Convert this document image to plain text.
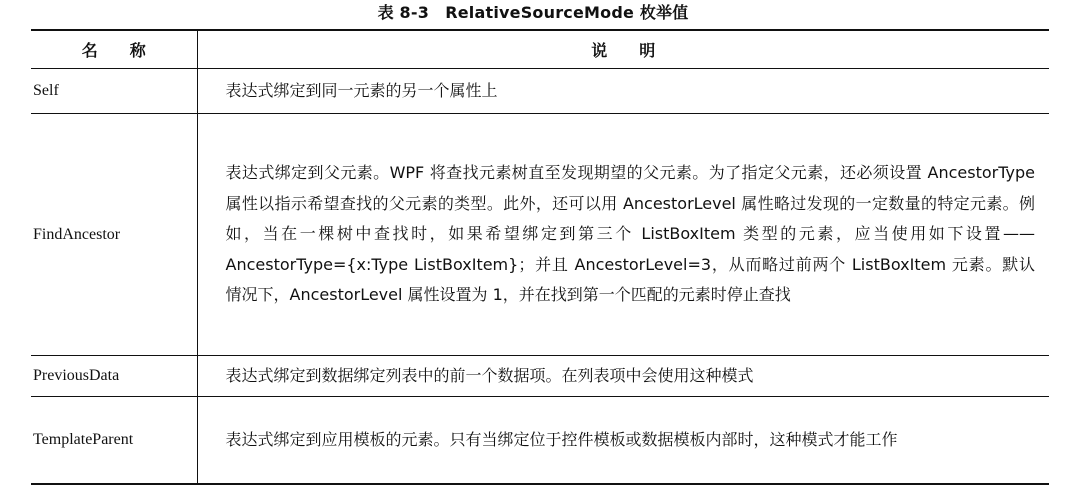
表 8-3　RelativeSourceMode 枚举值
名　　称	说　　明
Self	表达式绑定到同一元素的另一个属性上
FindAncestor	表达式绑定到父元素。WPF 将查找元素树直至发现期望的父元素。为了指定父元素，还必须设置 AncestorType 属性以指示希望查找的父元素的类型。此外，还可以用 AncestorLevel 属性略过发现的一定数量的特定元素。例如，当在一棵树中查找时，如果希望绑定到第三个 ListBoxItem 类型的元素，应当使用如下设置——AncestorType={x:Type ListBoxItem}；并且 AncestorLevel=3，从而略过前两个 ListBoxItem 元素。默认情况下，AncestorLevel 属性设置为 1，并在找到第一个匹配的元素时停止查找
PreviousData	表达式绑定到数据绑定列表中的前一个数据项。在列表项中会使用这种模式
TemplateParent	表达式绑定到应用模板的元素。只有当绑定位于控件模板或数据模板内部时，这种模式才能工作
